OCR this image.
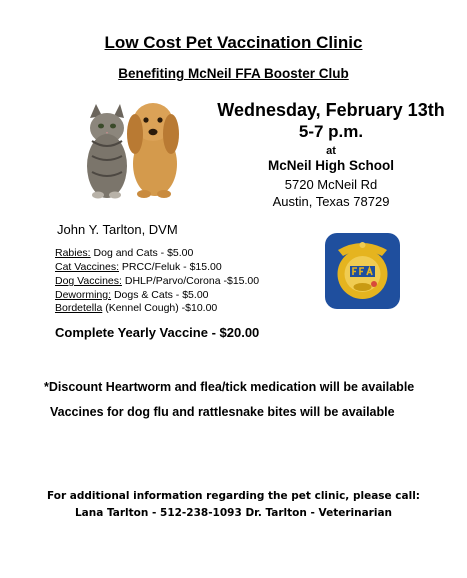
Low Cost Pet Vaccination Clinic
Benefiting McNeil FFA Booster Club
Wednesday, February 13th
5-7 p.m.
at
McNeil High School
5720 McNeil Rd
Austin, Texas 78729
John Y. Tarlton, DVM
Rabies: Dog and Cats - $5.00
Cat Vaccines: PRCC/Feluk - $15.00
Dog Vaccines: DHLP/Parvo/Corona -$15.00
Deworming: Dogs & Cats - $5.00
Bordetella (Kennel Cough) -$10.00
Complete Yearly Vaccine - $20.00
*Discount Heartworm and flea/tick medication will be available
Vaccines for dog flu and rattlesnake bites will be available
For additional information regarding the pet clinic, please call:
Lana Tarlton - 512-238-1093 Dr. Tarlton - Veterinarian
